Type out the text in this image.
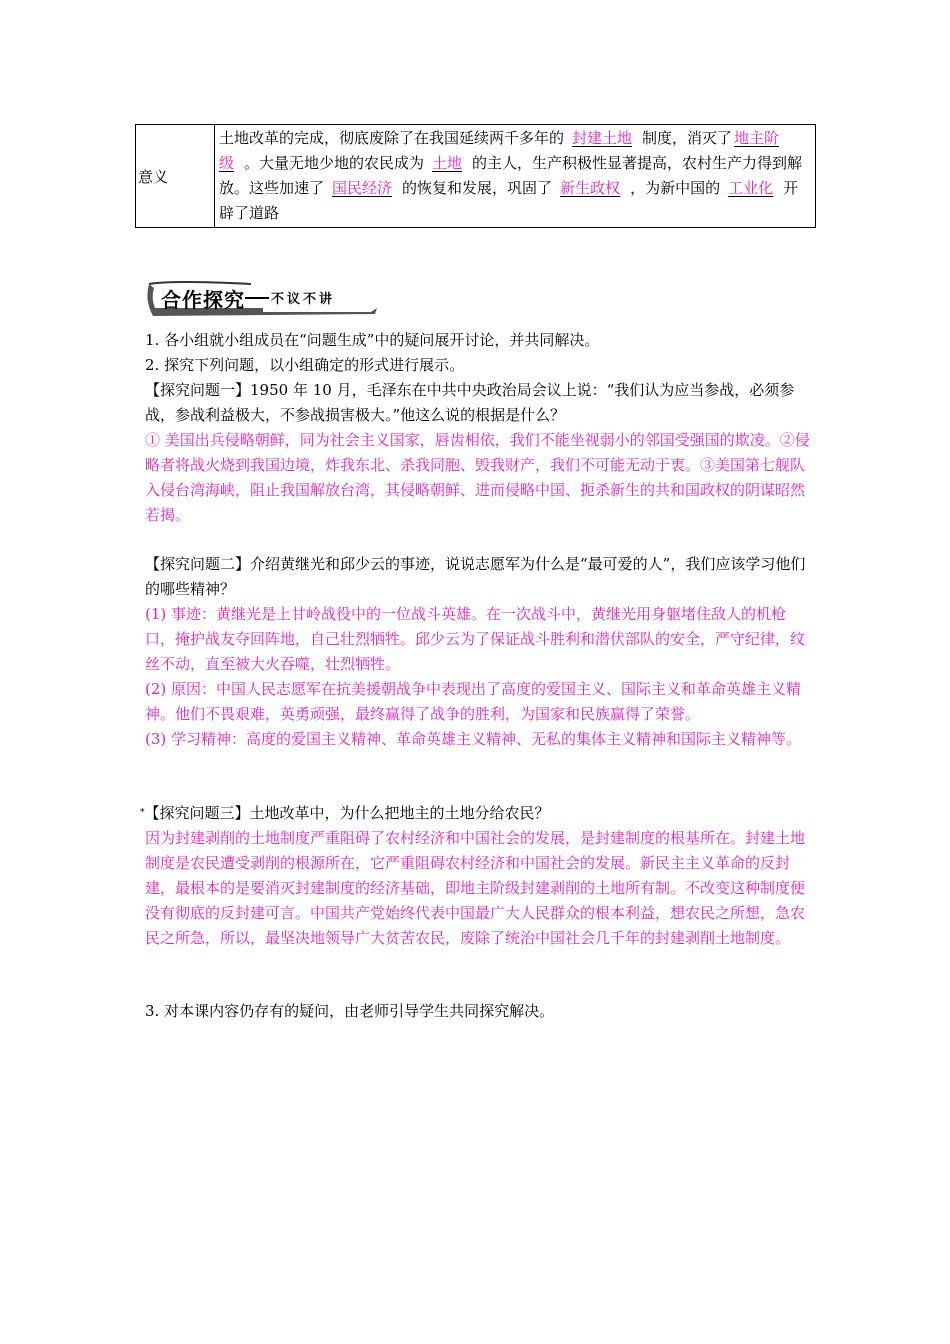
意义	土地改革的完成，彻底废除了在我国延续两千多年的 封建土地 制度，消灭了 地主阶级 。大量无地少地的农民成为 土地 的主人，生产积极性显著提高，农村生产力得到解放。这些加速了 国民经济 的恢复和发展，巩固了 新生政权 ，为新中国的 工业化 开辟了道路
合作探究 不议不讲

1. 各小组就小组成员在“问题生成”中的疑问展开讨论，并共同解决。

2. 探究下列问题，以小组确定的形式进行展示。

【探究问题一】1950 年 10 月，毛泽东在中共中央政治局会议上说：“我们认为应当参战，必须参战，参战利益极大，不参战损害极大。”他这么说的根据是什么？

① 美国出兵侵略朝鲜，同为社会主义国家，唇齿相依，我们不能坐视弱小的邻国受强国的欺凌。②侵略者将战火烧到我国边境，炸我东北、杀我同胞、毁我财产，我们不可能无动于衷。③美国第七舰队入侵台湾海峡，阻止我国解放台湾，其侵略朝鲜、进而侵略中国、扼杀新生的共和国政权的阴谋昭然若揭。

【探究问题二】介绍黄继光和邱少云的事迹，说说志愿军为什么是“最可爱的人”，我们应该学习他们的哪些精神？

(1) 事迹：黄继光是上甘岭战役中的一位战斗英雄。在一次战斗中，黄继光用身躯堵住敌人的机枪口，掩护战友夺回阵地，自己壮烈牺牲。邱少云为了保证战斗胜利和潜伏部队的安全，严守纪律，纹丝不动，直至被大火吞噬，壮烈牺牲。

(2) 原因：中国人民志愿军在抗美援朝战争中表现出了高度的爱国主义、国际主义和革命英雄主义精神。他们不畏艰难，英勇顽强，最终赢得了战争的胜利，为国家和民族赢得了荣誉。

(3) 学习精神：高度的爱国主义精神、革命英雄主义精神、无私的集体主义精神和国际主义精神等。

*【探究问题三】土地改革中，为什么把地主的土地分给农民？

因为封建剥削的土地制度严重阻碍了农村经济和中国社会的发展，是封建制度的根基所在。封建土地制度是农民遭受剥削的根源所在，它严重阻碍农村经济和中国社会的发展。新民主主义革命的反封建，最根本的是要消灭封建制度的经济基础，即地主阶级封建剥削的土地所有制。不改变这种制度便没有彻底的反封建可言。中国共产党始终代表中国最广大人民群众的根本利益，想农民之所想，急农民之所急，所以，最坚决地领导广大贫苦农民，废除了统治中国社会几千年的封建剥削土地制度。

3. 对本课内容仍存有的疑问，由老师引导学生共同探究解决。
